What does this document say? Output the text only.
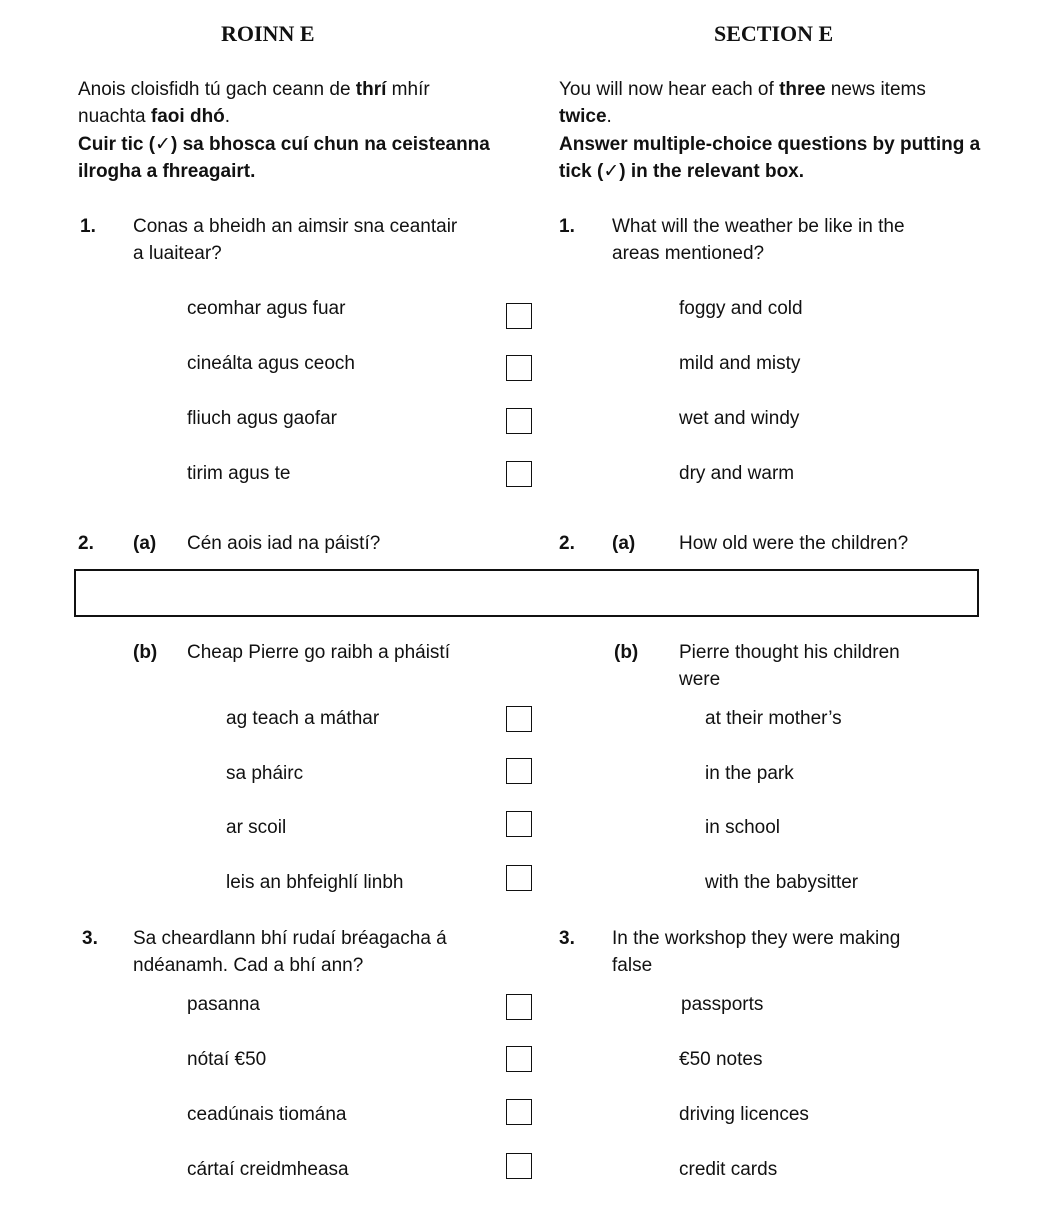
ROINN E	SECTION E
Anois cloisfidh tú gach ceann de thrí mhír
nuachta faoi dhó.
Cuir tic (✓) sa bhosca cuí chun na ceisteanna
ilrogha a fhreagairt.
You will now hear each of three news items
twice.
Answer multiple-choice questions by putting a
tick (✓) in the relevant box.
1. Conas a bheidh an aimsir sna ceantair
a luaitear?
1. What will the weather be like in the
areas mentioned?
ceomhar agus fuar	foggy and cold
cineálta agus ceoch	mild and misty
fliuch agus gaofar	wet and windy
tirim agus te	dry and warm
2. (a) Cén aois iad na páistí?	2. (a) How old were the children?
(b) Cheap Pierre go raibh a pháistí	(b) Pierre thought his children
were
ag teach a máthar	at their mother’s
sa pháirc	in the park
ar scoil	in school
leis an bhfeighlí linbh	with the babysitter
3. Sa cheardlann bhí rudaí bréagacha á
ndéanamh. Cad a bhí ann?
3. In the workshop they were making
false
pasanna	passports
nótaí €50	€50 notes
ceadúnais tiomána	driving licences
cártaí creidmheasa	credit cards
